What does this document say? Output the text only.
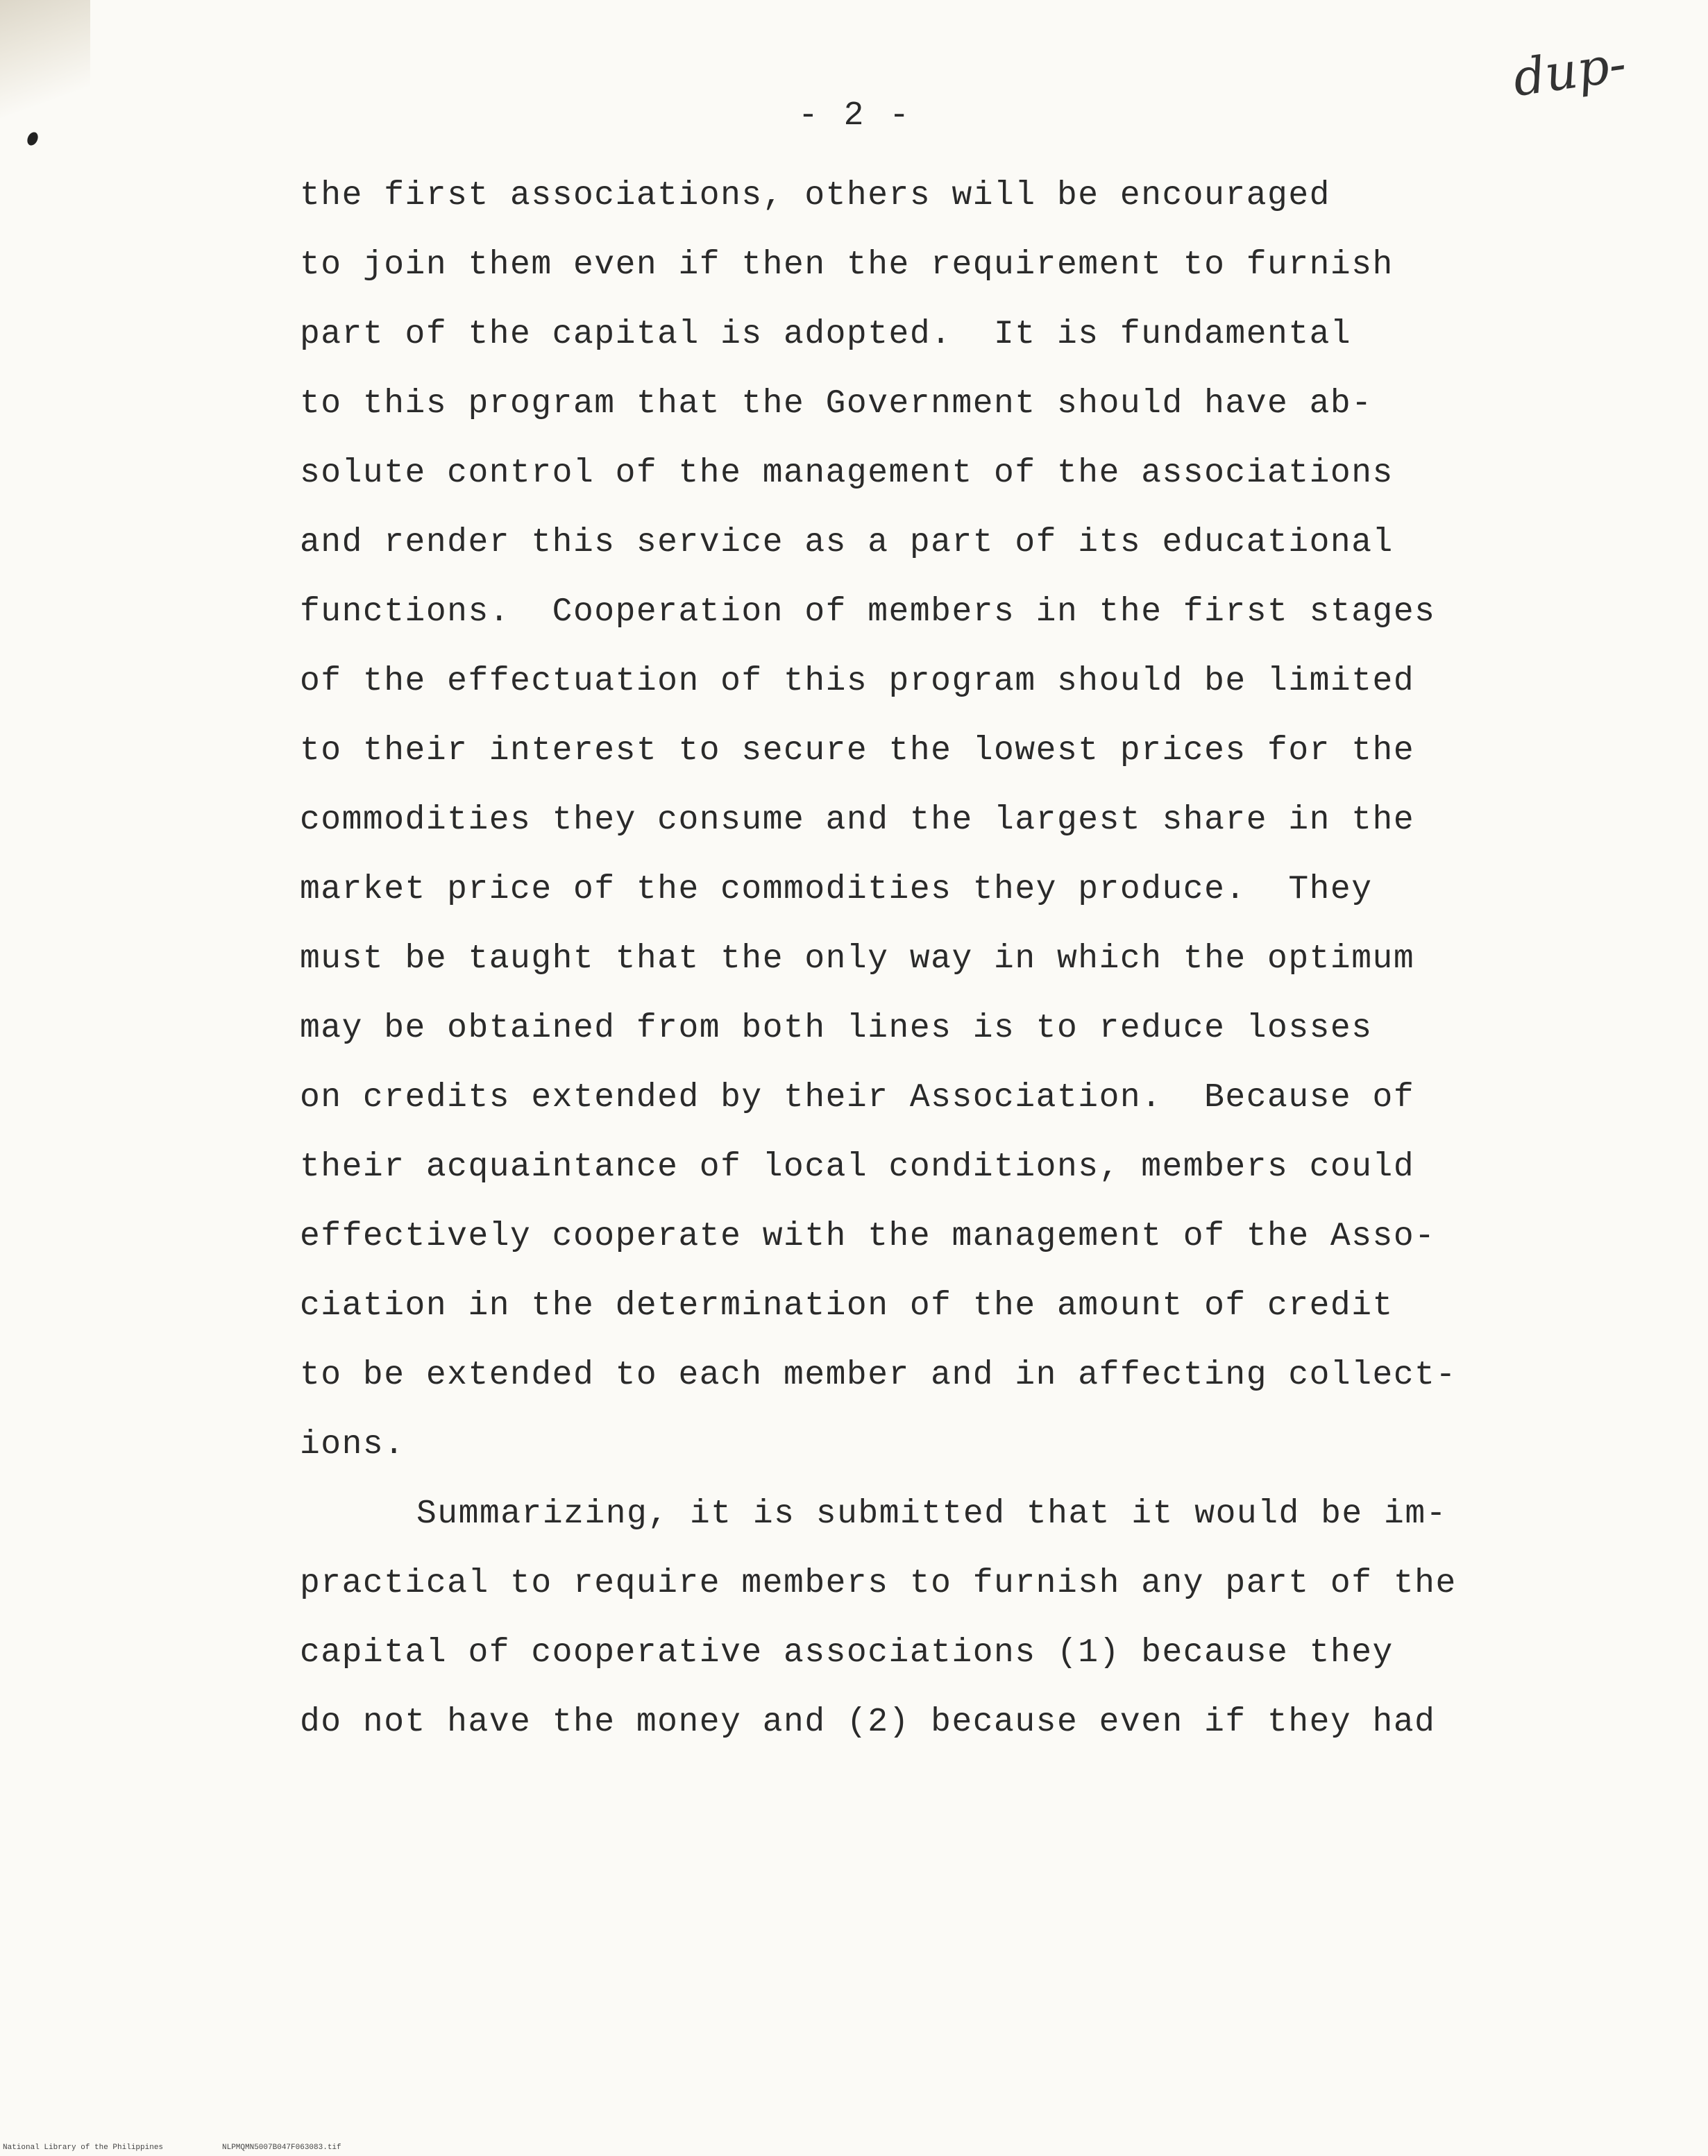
- 2 -
dup-
the first associations, others will be encouraged
to join them even if then the requirement to furnish
part of the capital is adopted.  It is fundamental
to this program that the Government should have ab-
solute control of the management of the associations
and render this service as a part of its educational
functions.  Cooperation of members in the first stages
of the effectuation of this program should be limited
to their interest to secure the lowest prices for the
commodities they consume and the largest share in the
market price of the commodities they produce.  They
must be taught that the only way in which the optimum
may be obtained from both lines is to reduce losses
on credits extended by their Association.  Because of
their acquaintance of local conditions, members could
effectively cooperate with the management of the Asso-
ciation in the determination of the amount of credit
to be extended to each member and in affecting collect-
ions.
Summarizing, it is submitted that it would be im-
practical to require members to furnish any part of the
capital of cooperative associations (1) because they
do not have the money and (2) because even if they had
National Library of the Philippines	NLPMQMN5007B047F063083.tif
